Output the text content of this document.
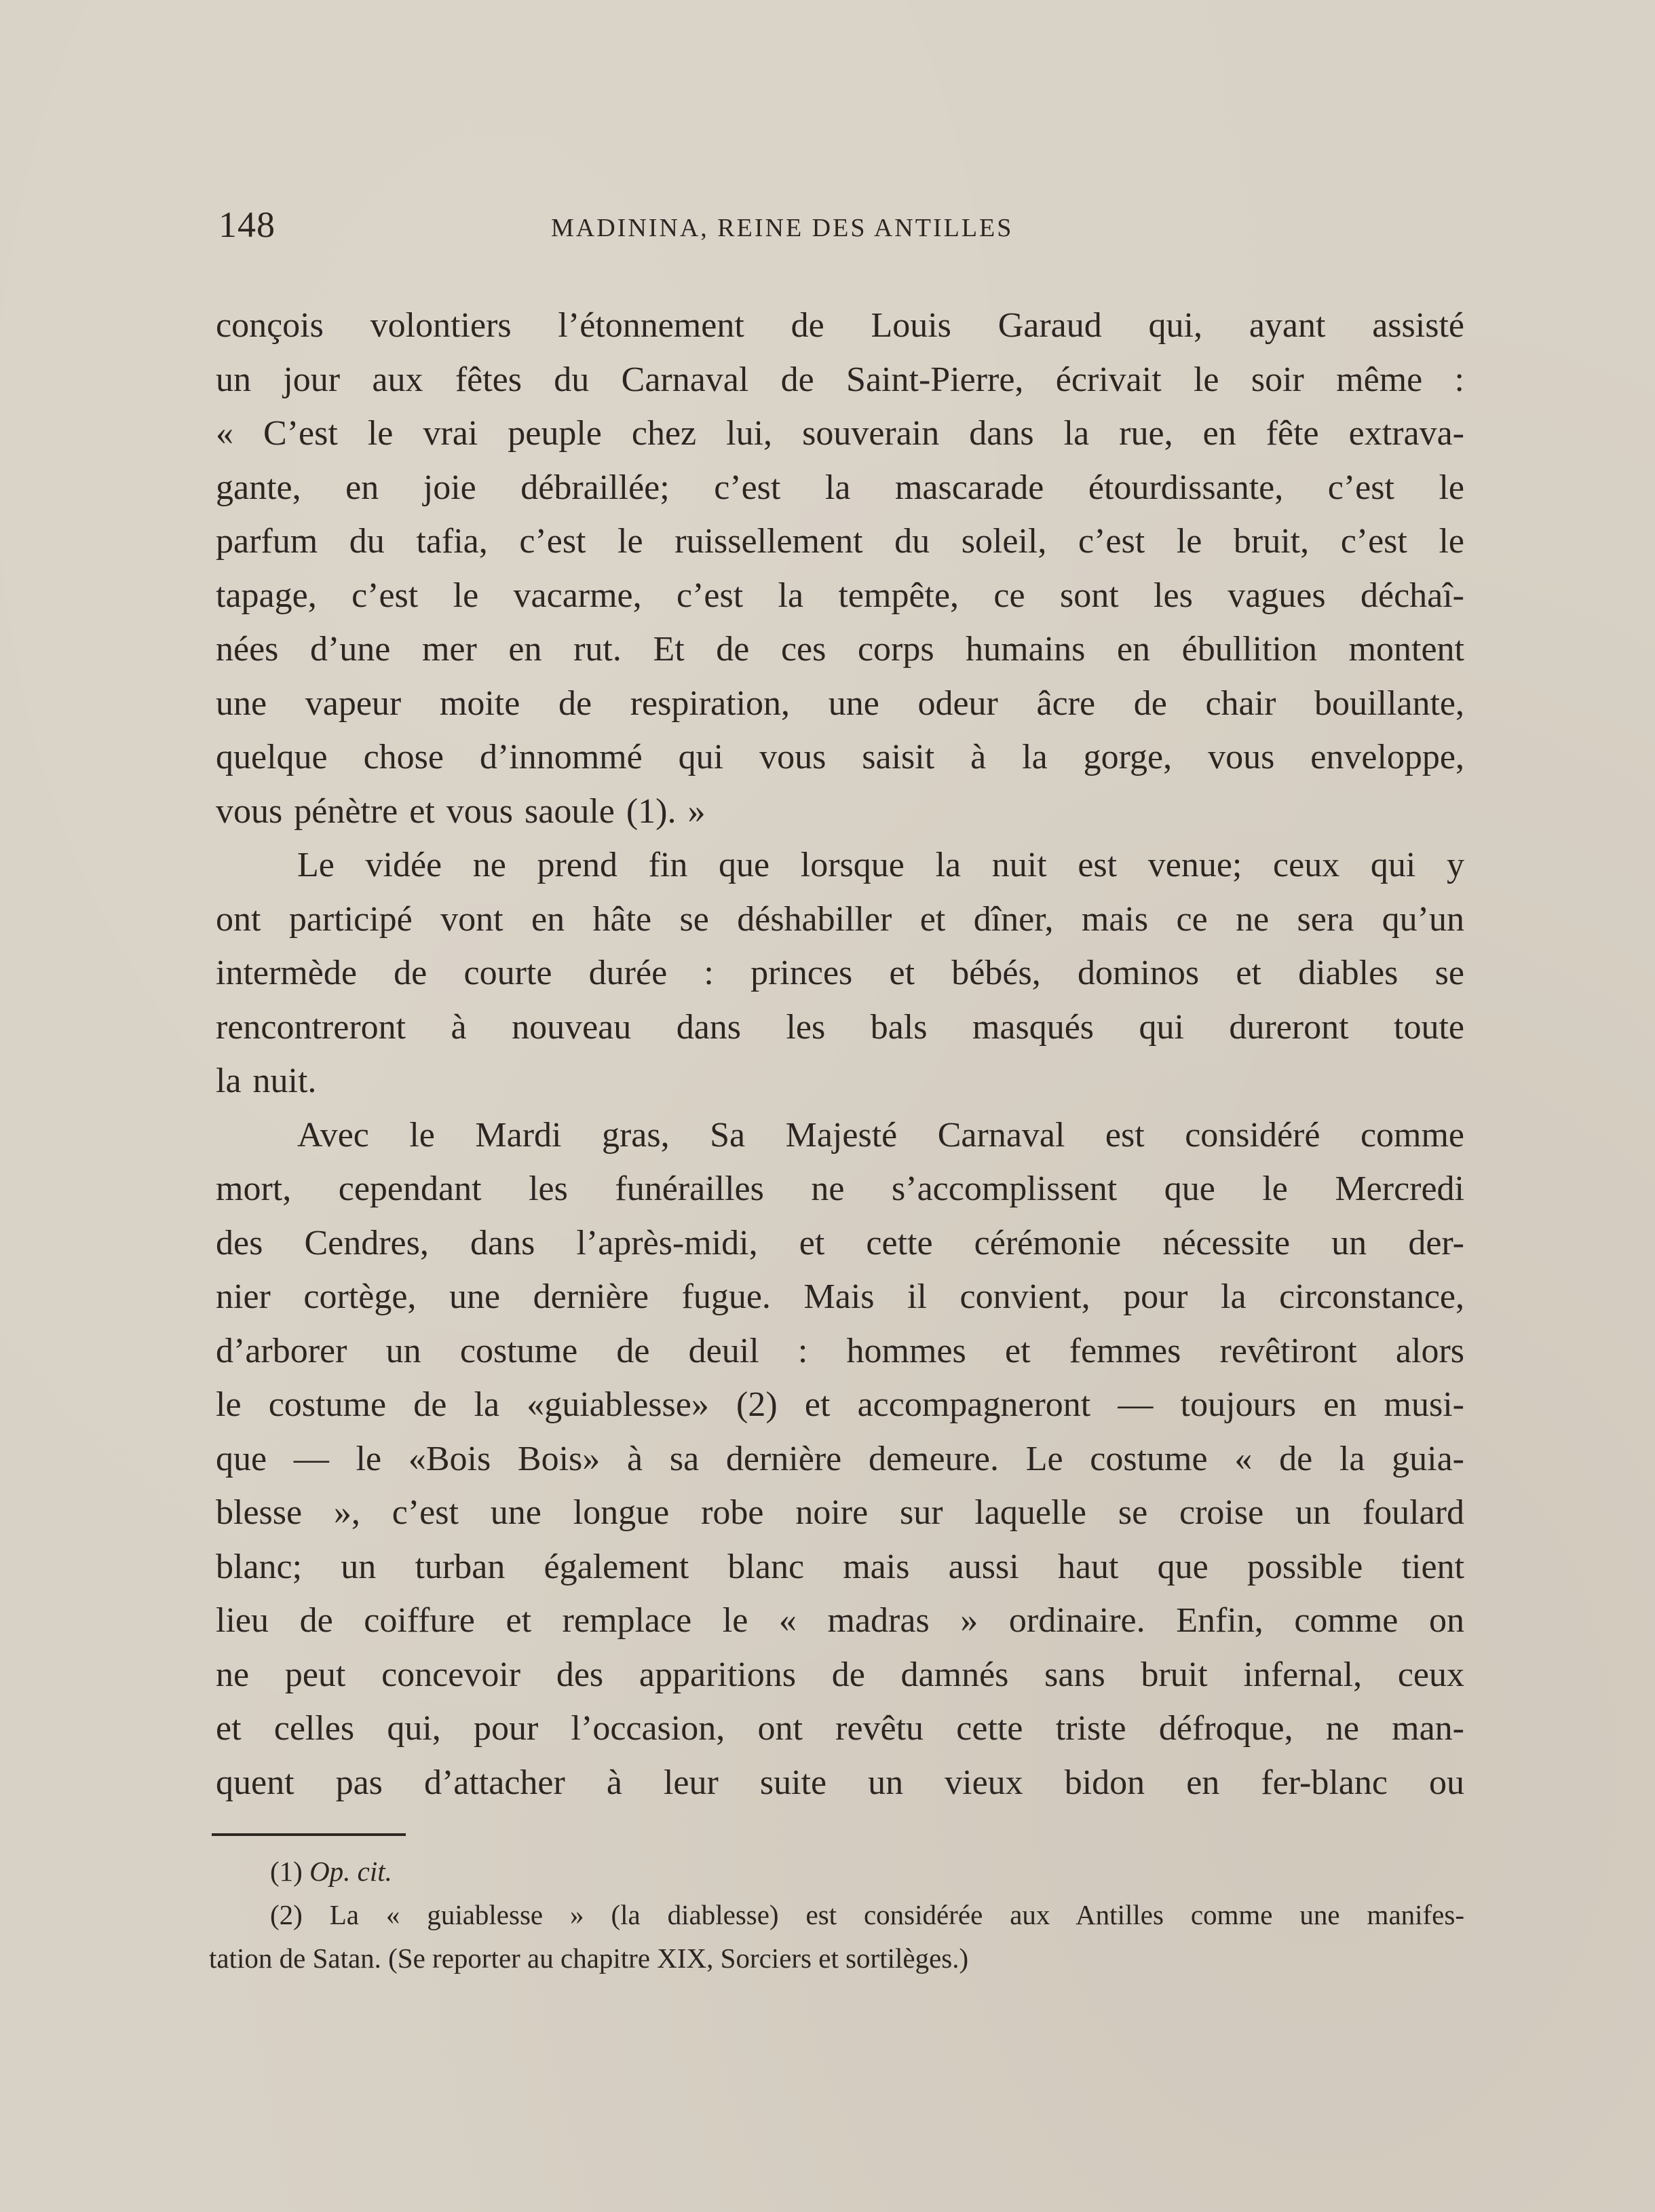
148	MADININA, REINE DES ANTILLES
conçois volontiers l’étonnement de Louis Garaud qui, ayant assisté
un jour aux fêtes du Carnaval de Saint-Pierre, écrivait le soir même :
« C’est le vrai peuple chez lui, souverain dans la rue, en fête extrava-
gante, en joie débraillée; c’est la mascarade étourdissante, c’est le
parfum du tafia, c’est le ruissellement du soleil, c’est le bruit, c’est le
tapage, c’est le vacarme, c’est la tempête, ce sont les vagues déchaî-
nées d’une mer en rut. Et de ces corps humains en ébullition montent
une vapeur moite de respiration, une odeur âcre de chair bouillante,
quelque chose d’innommé qui vous saisit à la gorge, vous enveloppe,
vous pénètre et vous saoule (1). »
Le vidée ne prend fin que lorsque la nuit est venue; ceux qui y
ont participé vont en hâte se déshabiller et dîner, mais ce ne sera qu’un
intermède de courte durée : princes et bébés, dominos et diables se
rencontreront à nouveau dans les bals masqués qui dureront toute
la nuit.
Avec le Mardi gras, Sa Majesté Carnaval est considéré comme
mort, cependant les funérailles ne s’accomplissent que le Mercredi
des Cendres, dans l’après-midi, et cette cérémonie nécessite un der-
nier cortège, une dernière fugue. Mais il convient, pour la circonstance,
d’arborer un costume de deuil : hommes et femmes revêtiront alors
le costume de la «guiablesse» (2) et accompagneront — toujours en musi-
que — le «Bois Bois» à sa dernière demeure. Le costume « de la guia-
blesse », c’est une longue robe noire sur laquelle se croise un foulard
blanc; un turban également blanc mais aussi haut que possible tient
lieu de coiffure et remplace le « madras » ordinaire. Enfin, comme on
ne peut concevoir des apparitions de damnés sans bruit infernal, ceux
et celles qui, pour l’occasion, ont revêtu cette triste défroque, ne man-
quent pas d’attacher à leur suite un vieux bidon en fer-blanc ou
(1) Op. cit.
(2) La « guiablesse » (la diablesse) est considérée aux Antilles comme une manifes-
tation de Satan. (Se reporter au chapitre XIX, Sorciers et sortilèges.)
